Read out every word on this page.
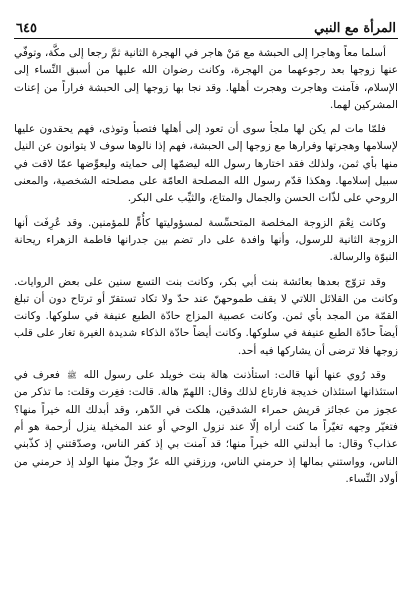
المرأة مع النبي
٦٤٥

أسلما معاً وهاجرا إلى الحبشة مع مَنْ هاجر في الهجرة الثانية ثمَّ رجعا إلى مكَّة، وتوفّي عنها زوجها بعد رجوعهما من الهجرة، وكانت رضوان الله عليها من أسبق النِّساء إلى الإسلام، فآمنت وهاجرت وهجرت أهلها. وقد نجا بها زوجها إلى الحبشة فراراً من إعنات المشركين لهما.

فلمّا مات لم يكن لها ملجأ سوى أن تعود إلى أهلها فتصبأ وتوذى، فهم يحقدون عليها لإسلامها وهجرتها وفرارها مع زوجها إلى الحبشة، فهم إذا نالوها سوف لا يتوانون عن النيل منها بأي ثمن، ولذلك فقد اختارها رسول الله ليضمّها إلى حمايته وليعوِّضها عمّا لاقت في سبيل إسلامها. وهكذا قدّم رسول الله المصلحة العامّة على مصلحته الشخصية، والمعنى الروحي على لذّات الحسن والجمال والمتاع، والثيِّب على البكر.

وكانت نِعْمَ الزوجة المخلصة المتحسِّسة لمسؤوليتها كأُمٍّ للمؤمنين. وقد عُرِفَت أنها الزوجة الثانية للرسول، وأنها وافدة على دار تضم بين جدرانها فاطمة الزهراء ريحانة النبوّة والرسالة.

وقد تزوّج بعدها بعائشة بنت أبي بكر، وكانت بنت التسع سنين على بعض الروايات. وكانت من القلائل اللاتي لا يقف طموحهنّ عند حدّ ولا تكاد تستقرّ أو ترتاح دون أن تبلغ القمّة من المجد بأي ثمن. وكانت عصبية المزاج حادّة الطبع عنيفة في سلوكها. وكانت أيضاً حادّة الطبع عنيفة في سلوكها. وكانت أيضاً حادّة الذكاء شديدة الغيرة تغار على قلب زوجها فلا ترضى أن يشاركها فيه أحد.

وقد رُوي عنها أنها قالت: استأذنت هالة بنت خويلد على رسول الله ﷺ فعرف في استئذانها استئذان خديجة فارتاع لذلك وقال: اللهمّ هالة. قالت: فغِرت وقلت: ما تذكر من عجوز من عجائز قريش حمراء الشدقين، هلكت في الدّهر، وقد أبدلك الله خيراً منها؟ فتغيّر وجهه تغيّراً ما كنت أراه إلّا عند نزول الوحي أو عند المخيلة ينزل أرحمة هو أم عذاب؟ وقال: ما أبدلني الله خيراً منها؛ قد آمنت بي إذ كفر الناس، وصدّقتني إذ كذّبني الناس، وواستني بمالها إذ حرمني الناس، ورزقني الله عزّ وجلّ منها الولد إذ حرمني من أولاد النِّساء.
